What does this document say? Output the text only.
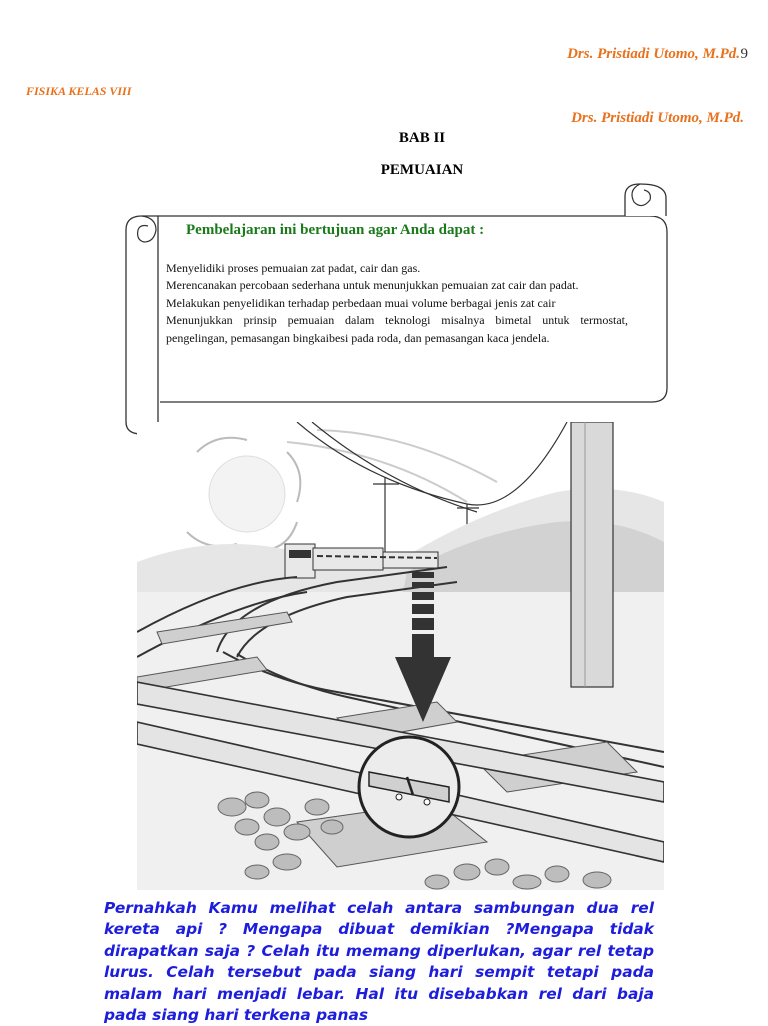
Drs. Pristiadi Utomo, M.Pd. 9
FISIKA KELAS VIII
Drs. Pristiadi Utomo, M.Pd.
BAB II
PEMUAIAN
Pembelajaran ini bertujuan agar Anda dapat :
Menyelidiki proses pemuaian zat padat, cair dan gas.
Merencanakan percobaan sederhana untuk menunjukkan pemuaian zat cair dan padat.
Melakukan penyelidikan terhadap perbedaan muai volume berbagai jenis zat cair
Menunjukkan prinsip pemuaian dalam teknologi misalnya bimetal untuk termostat, pengelingan, pemasangan bingkaibesi pada roda, dan pemasangan kaca jendela.

Pernahkah Kamu melihat celah antara sambungan dua rel kereta api ? Mengapa dibuat demikian ?Mengapa tidak dirapatkan saja ? Celah itu memang diperlukan, agar rel tetap lurus. Celah tersebut pada siang hari sempit tetapi pada malam hari menjadi lebar. Hal itu disebabkan rel dari baja pada siang hari terkena panas
